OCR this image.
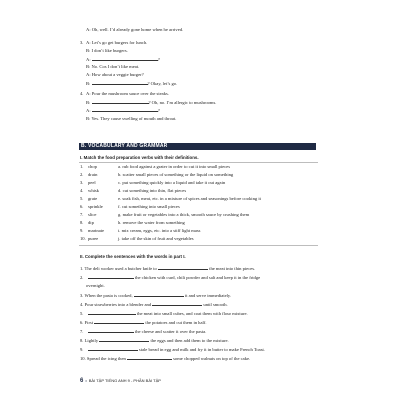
A: Oh, well. I’d already gone home when he arrived.
3. A: Let’s go get burgers for lunch.
B: I don’t like burgers.
A:	?
B: No. Cos I don’t like meat.
A: How about a veggie burger?
B:	? Okay, let’s go.
4. A: Pour the mushroom sauce over the steaks.
B:	? Oh, no. I’m allergic to mushrooms.
A:	?
B: Yes. They cause swelling of mouth and throat.
B. VOCABULARY AND GRAMMAR
I. Match the food preparation verbs with their definitions.
1. chop	a. rub food against a grater in order to cut it into small pieces
2. drain	b. scatter small pieces of something or the liquid on something
3. peel	c. put something quickly into a liquid and take it out again
4. whisk	d. cut something into thin, flat pieces
5. grate	e. soak fish, meat, etc. in a mixture of spices and seasonings before cooking it
6. sprinkle	f. cut something into small pieces
7. slice	g. make fruit or vegetables into a thick, smooth sauce by crushing them
8. dip	h. remove the water from something
9. marinate	i. mix cream, eggs, etc. into a stiff light mass
10. puree	j. take off the skin of fruit and vegetables
II. Complete the sentences with the words in part I.
1. The deli worker used a butcher knife to	the meat into thin pieces.
2.	the chicken with curd, chili powder and salt and keep it in the fridge
overnight.
3. When the pasta is cooked,	it and serve immediately.
4. Pour strawberries into a blender and	until smooth.
5.	the meat into small cubes, and coat them with flour mixture.
6. First	the potatoes and cut them in half.
7.	the cheese and scatter it over the pasta.
8. Lightly	the eggs and then add them to the mixture.
9.	stale bread in egg and milk and fry it in butter to make French Toast.
10. Spread the icing then	some chopped walnuts on top of the cake.
6 • BÀI TẬP TIẾNG ANH 9 - PHẦN BÀI TẬP
